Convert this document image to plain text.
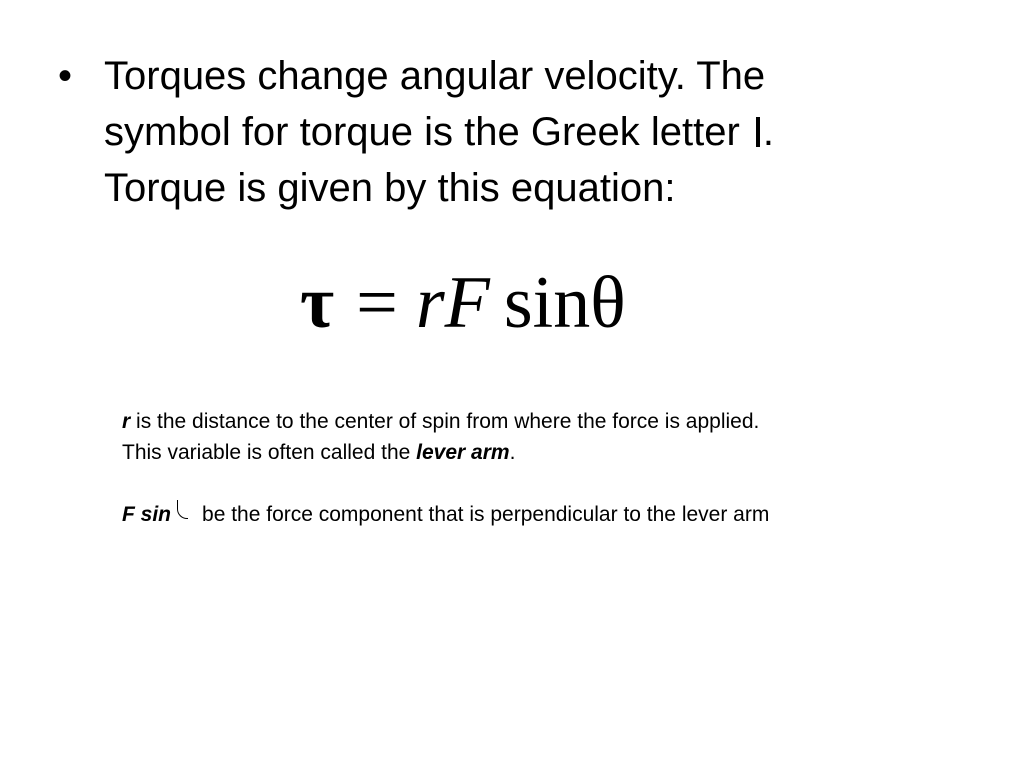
• Torques change angular velocity. The
symbol for torque is the Greek letter .
Torque is given by this equation:
τ = rF sinθ

r is the distance to the center of spin from where the force is applied.

This variable is often called the lever arm.

F sin be the force component that is perpendicular to the lever arm
